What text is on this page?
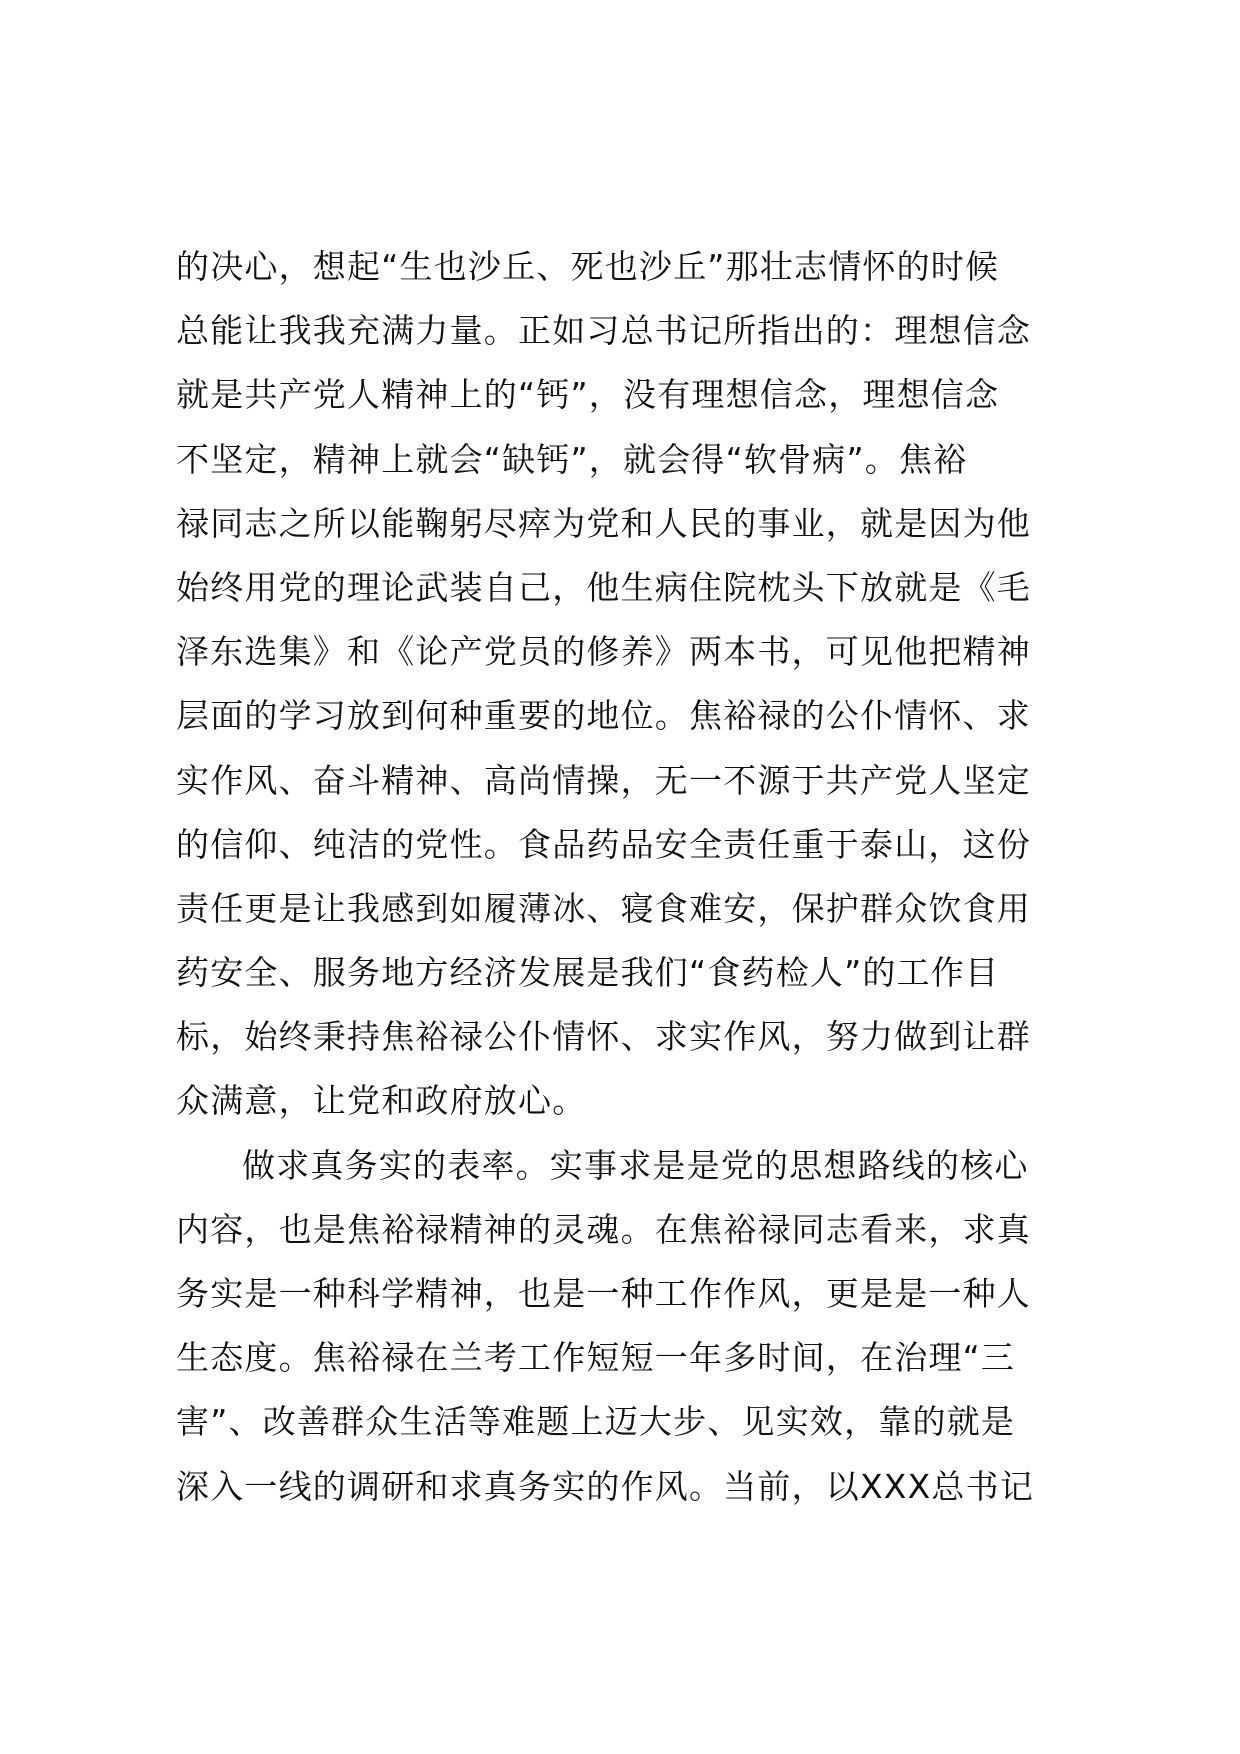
的决心，想起“生也沙丘、死也沙丘”那壮志情怀的时候
总能让我我充满力量。正如习总书记所指出的：理想信念
就是共产党人精神上的“钙”，没有理想信念，理想信念
不坚定，精神上就会“缺钙”，就会得“软骨病”。焦裕
禄同志之所以能鞠躬尽瘁为党和人民的事业，就是因为他
始终用党的理论武装自己，他生病住院枕头下放就是《毛
泽东选集》和《论产党员的修养》两本书，可见他把精神
层面的学习放到何种重要的地位。焦裕禄的公仆情怀、求
实作风、奋斗精神、高尚情操，无一不源于共产党人坚定
的信仰、纯洁的党性。食品药品安全责任重于泰山，这份
责任更是让我感到如履薄冰、寝食难安，保护群众饮食用
药安全、服务地方经济发展是我们“食药检人”的工作目
标，始终秉持焦裕禄公仆情怀、求实作风，努力做到让群
众满意，让党和政府放心。
做求真务实的表率。实事求是是党的思想路线的核心
内容，也是焦裕禄精神的灵魂。在焦裕禄同志看来，求真
务实是一种科学精神，也是一种工作作风，更是是一种人
生态度。焦裕禄在兰考工作短短一年多时间，在治理“三
害”、改善群众生活等难题上迈大步、见实效，靠的就是
深入一线的调研和求真务实的作风。当前，以XXX总书记
